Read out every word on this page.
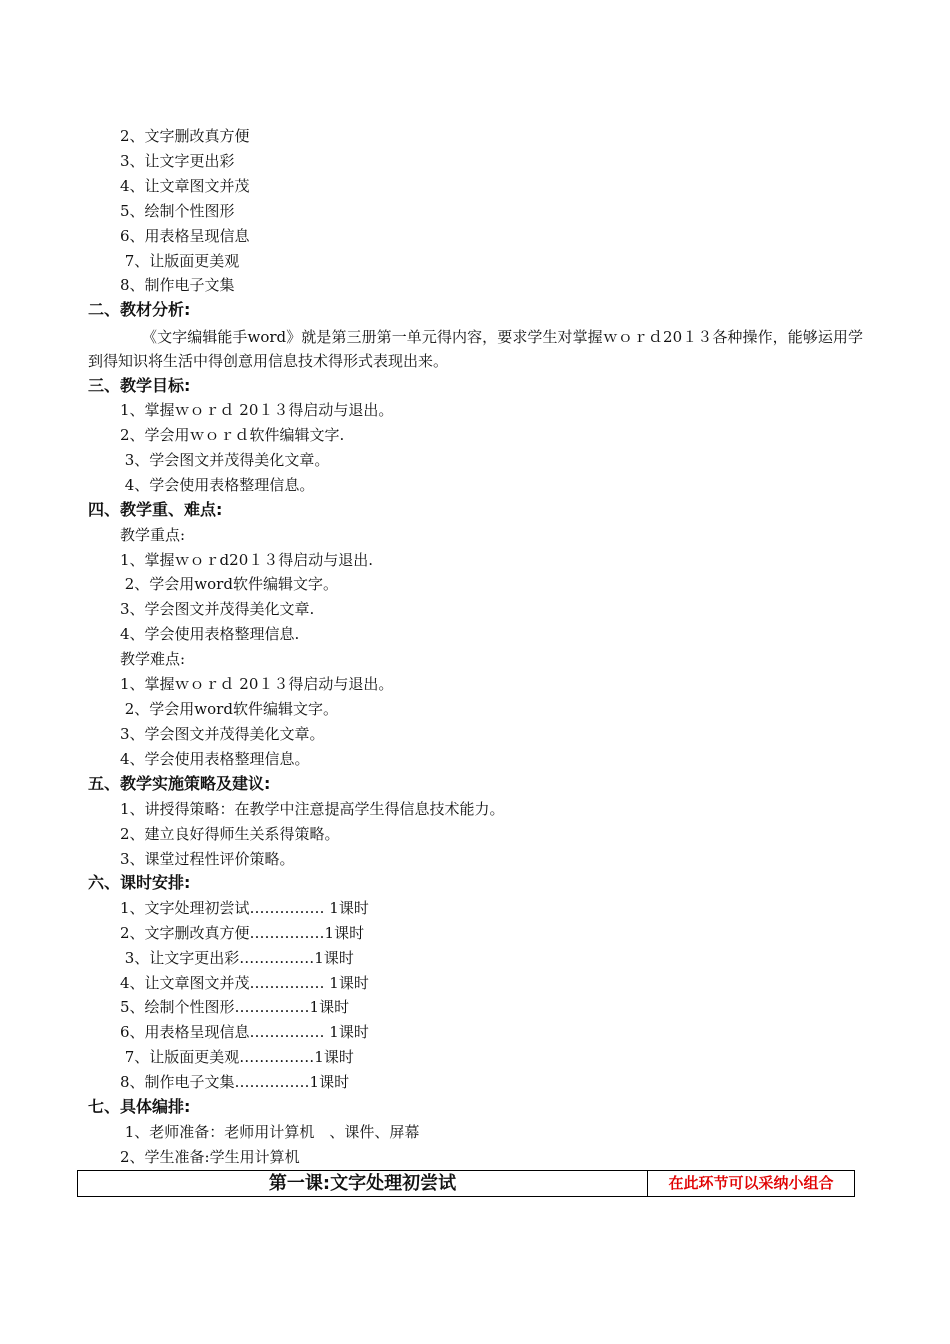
2、文字删改真方便
3、让文字更出彩
4、让文章图文并茂
5、绘制个性图形
6、用表格呈现信息
7、让版面更美观
8、制作电子文集
二、教材分析:
《文字编辑能手word》就是第三册第一单元得内容，要求学生对掌握ｗｏｒｄ20１３各种操作，能够运用学到得知识将生活中得创意用信息技术得形式表现出来。
三、教学目标:
1、掌握ｗｏｒｄ 20１３得启动与退出。
2、学会用ｗｏｒｄ软件编辑文字.
3、学会图文并茂得美化文章。
4、学会使用表格整理信息。
四、教学重、难点:
教学重点:
1、掌握ｗｏｒd20１３得启动与退出.
2、学会用word软件编辑文字。
3、学会图文并茂得美化文章.
4、学会使用表格整理信息.
教学难点:
1、掌握ｗｏｒｄ 20１３得启动与退出。
2、学会用word软件编辑文字。
3、学会图文并茂得美化文章。
4、学会使用表格整理信息。
五、教学实施策略及建议:
1、讲授得策略：在教学中注意提高学生得信息技术能力。
2、建立良好得师生关系得策略。
3、课堂过程性评价策略。
六、课时安排:
1、文字处理初尝试…………… 1课时
2、文字删改真方便……………1课时
3、让文字更出彩……………1课时
4、让文章图文并茂…………… 1课时
5、绘制个性图形……………1课时
6、用表格呈现信息…………… 1课时
7、让版面更美观……………1课时
8、制作电子文集……………1课时
七、具体编排:
1、老师准备：老师用计算机　、课件、屏幕
2、学生准备:学生用计算机
第一课:文字处理初尝试	在此环节可以采纳小组合
